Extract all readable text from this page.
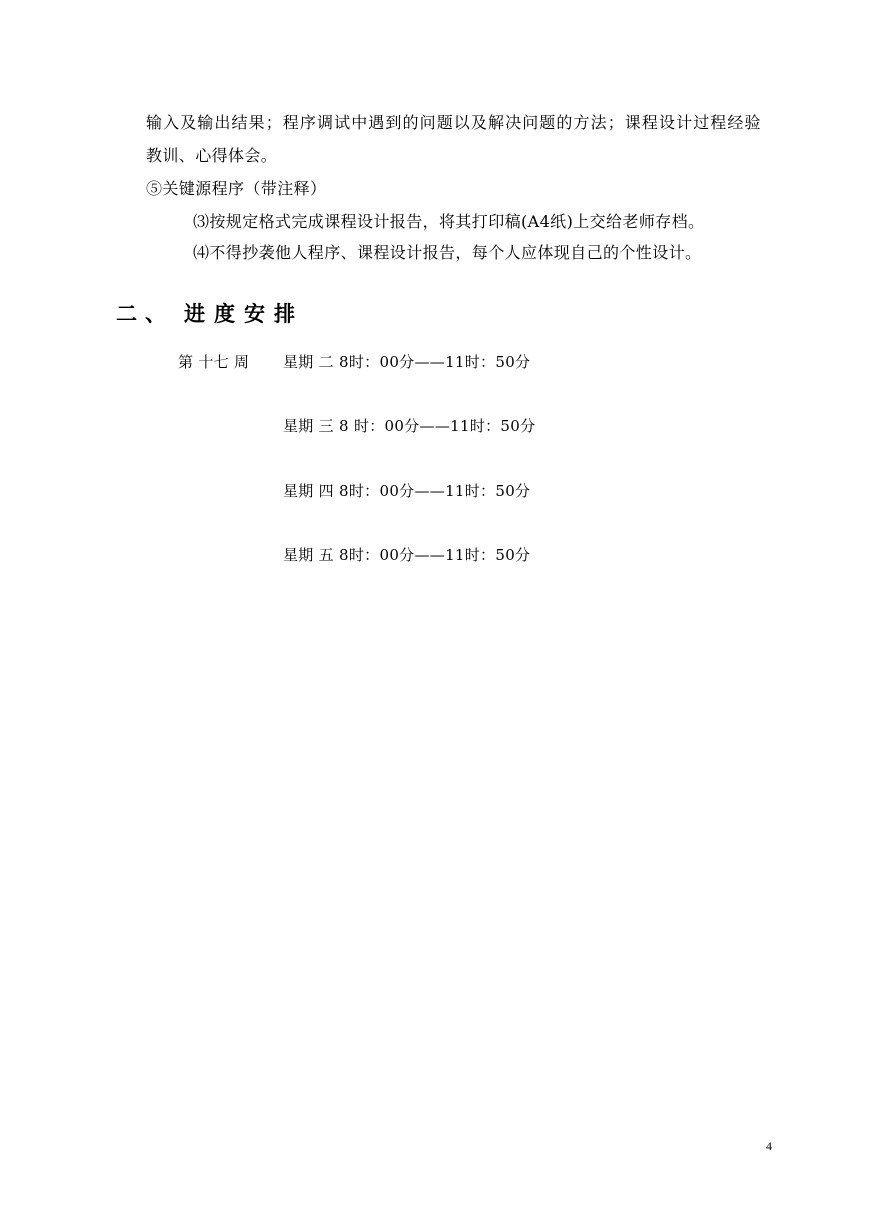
输入及输出结果；程序调试中遇到的问题以及解决问题的方法；课程设计过程经验
教训、心得体会。
⑤关键源程序（带注释）
⑶按规定格式完成课程设计报告，将其打印稿(A4纸)上交给老师存档。
⑷不得抄袭他人程序、课程设计报告，每个人应体现自己的个性设计。
二、 进度安排
第 十七 周 星期 二 8时：00分——11时：50分
星期 三 8 时：00分——11时：50分
星期 四 8时：00分——11时：50分
星期 五 8时：00分——11时：50分
4
